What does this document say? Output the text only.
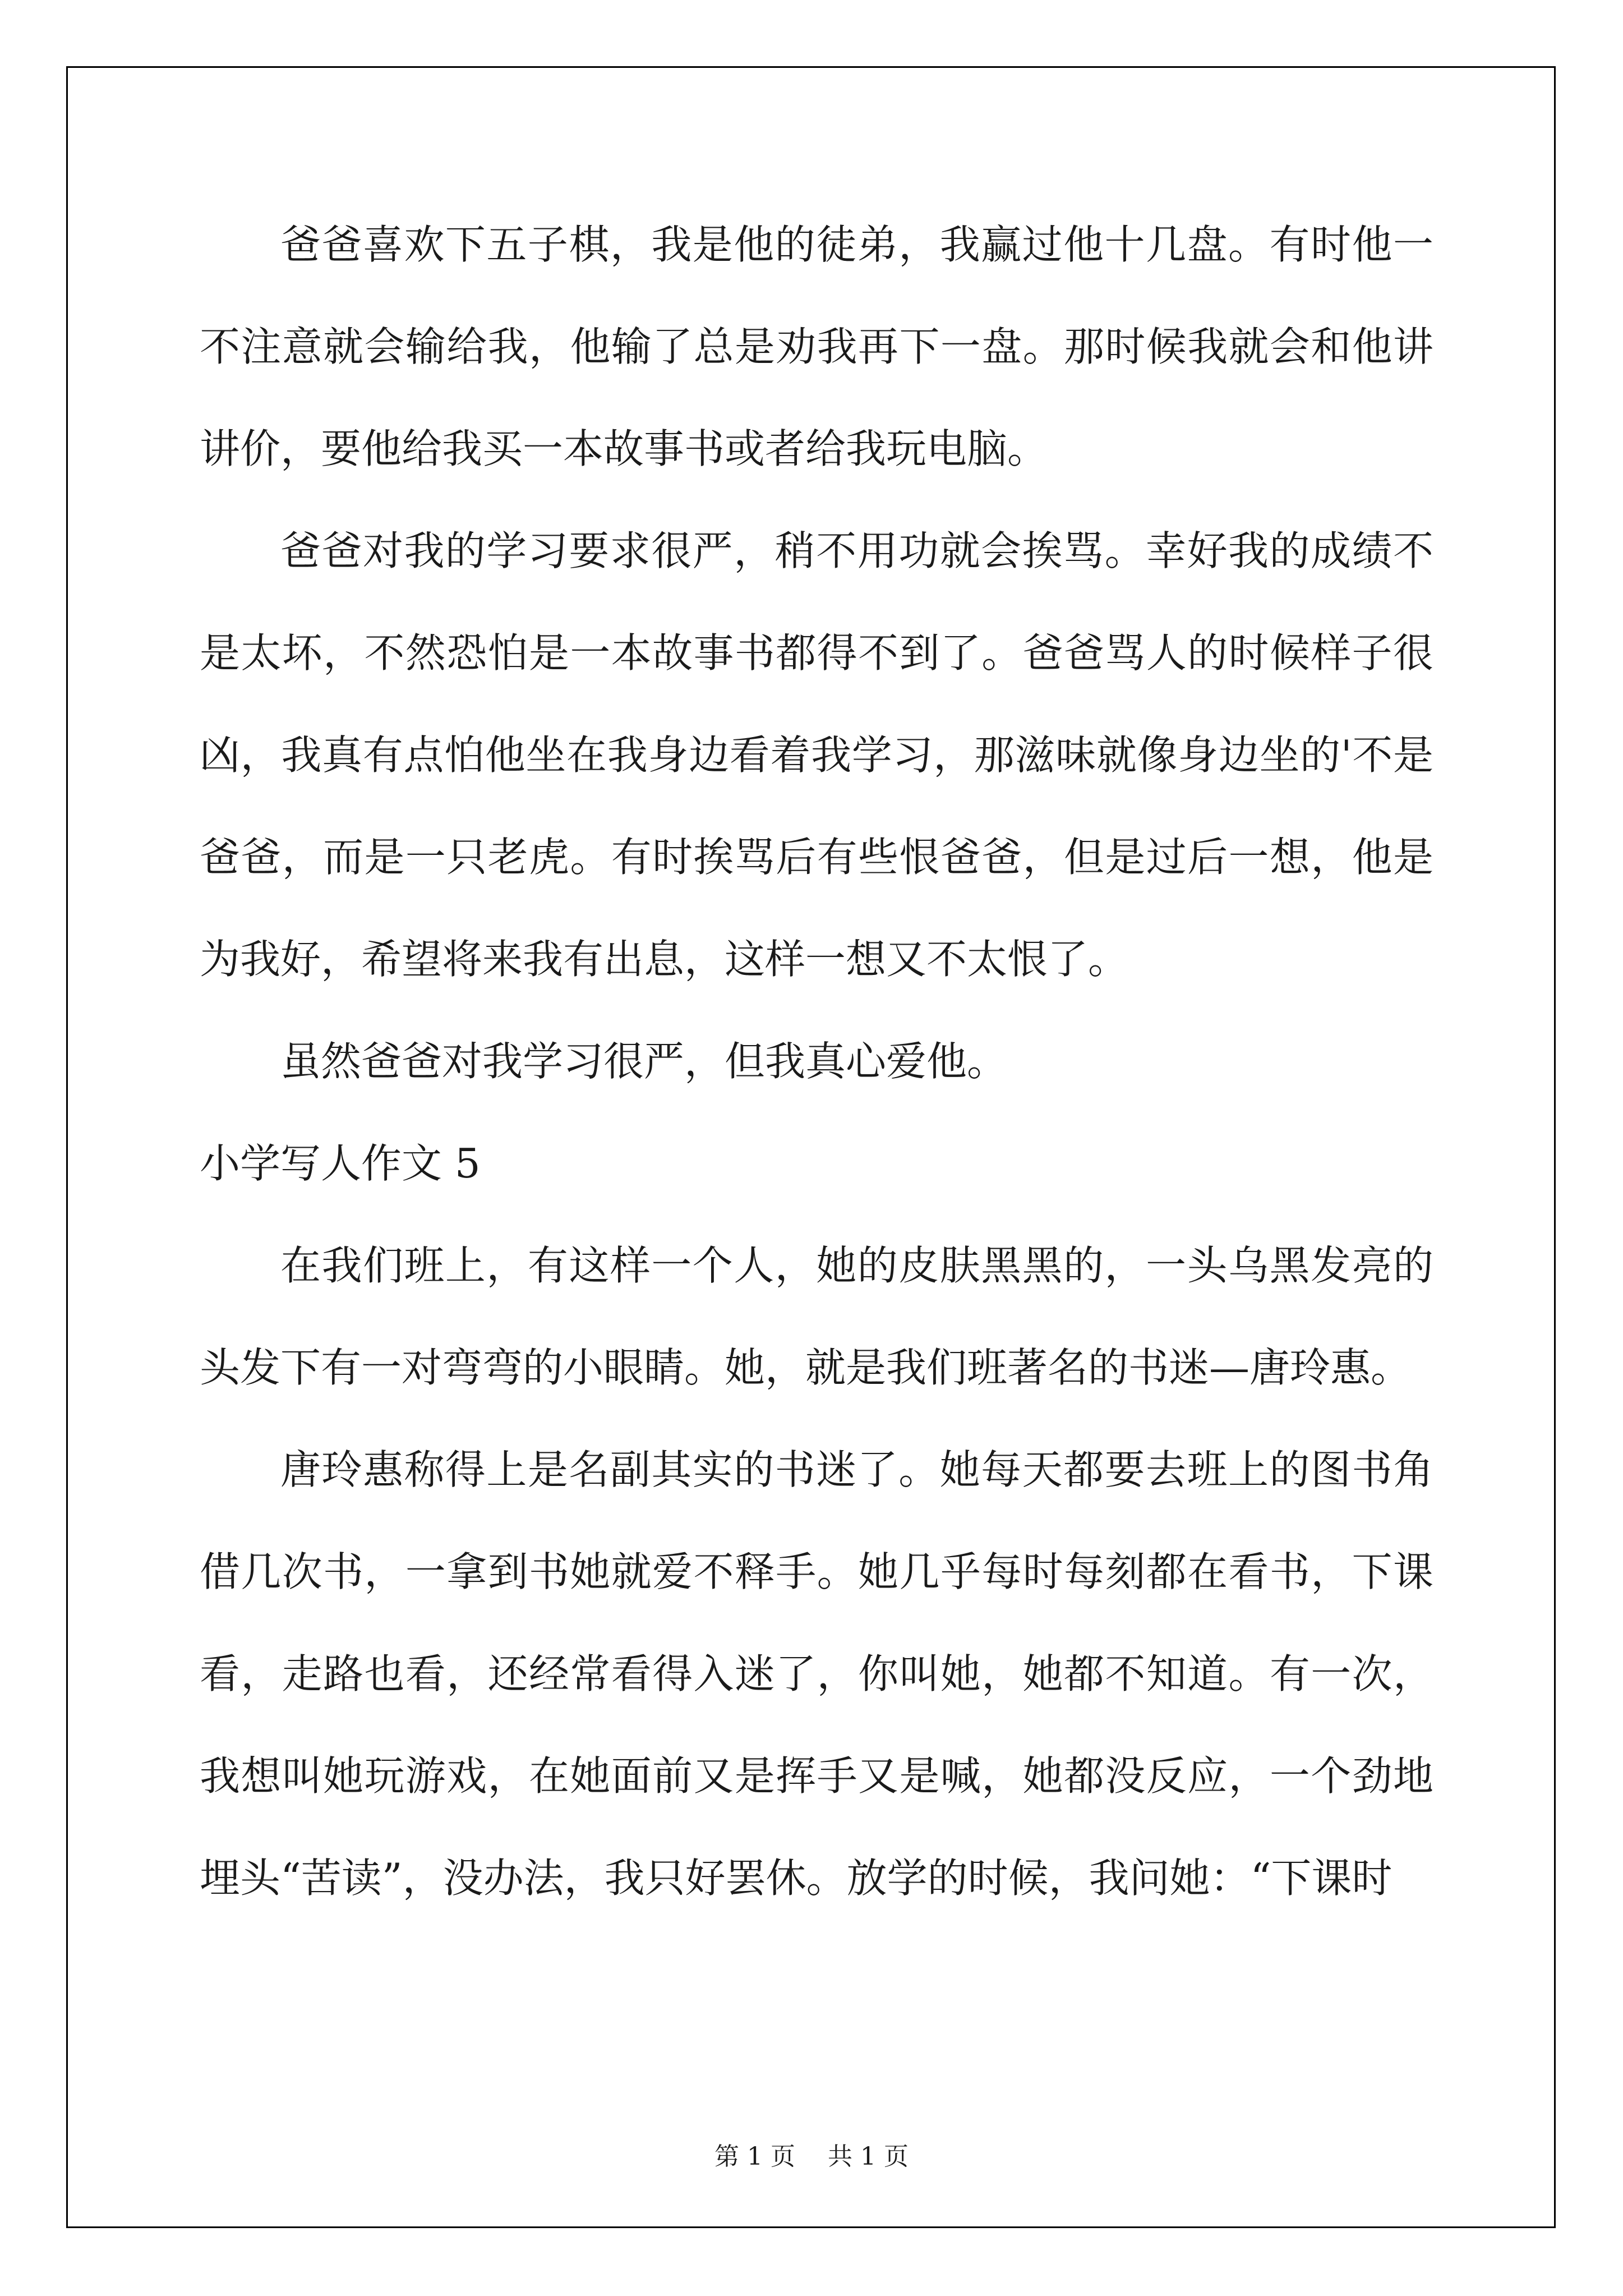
爸爸喜欢下五子棋，我是他的徒弟，我赢过他十几盘。有时他一不注意就会输给我，他输了总是劝我再下一盘。那时候我就会和他讲讲价，要他给我买一本故事书或者给我玩电脑。

爸爸对我的学习要求很严，稍不用功就会挨骂。幸好我的成绩不是太坏，不然恐怕是一本故事书都得不到了。爸爸骂人的时候样子很凶，我真有点怕他坐在我身边看着我学习，那滋味就像身边坐的'不是爸爸，而是一只老虎。有时挨骂后有些恨爸爸，但是过后一想，他是为我好，希望将来我有出息，这样一想又不太恨了。

虽然爸爸对我学习很严，但我真心爱他。

小学写人作文 5

在我们班上，有这样一个人，她的皮肤黑黑的，一头乌黑发亮的头发下有一对弯弯的小眼睛。她，就是我们班著名的书迷—唐玲惠。

唐玲惠称得上是名副其实的书迷了。她每天都要去班上的图书角借几次书，一拿到书她就爱不释手。她几乎每时每刻都在看书，下课看，走路也看，还经常看得入迷了，你叫她，她都不知道。有一次，我想叫她玩游戏，在她面前又是挥手又是喊，她都没反应，一个劲地埋头“苦读”，没办法，我只好罢休。放学的时候，我问她：“下课时

第 1 页 共 1 页
